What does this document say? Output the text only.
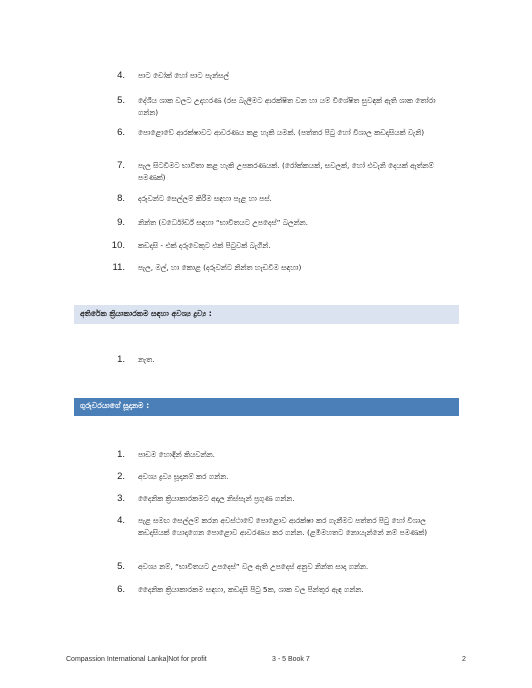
4. පාට චෝක් හෝ පාට පැන්සල්
5. දේශීය ශාක වලට උදාහරණ (රස බැලීමට ආරක්ෂිත වන හා යම් විශේෂිත සුවඳක් ඇති ශාක තෝරා ගන්න)
6. පොළොවේ ආරක්ෂාවට ආවරණය කළ හැකි යමක්. (පත්තර පිටු හෝ විශාල කඩදාසියක් වැනි)
7. පැල සිටවීමට භාවිතා කළ හැකි උපකරණයක්. (රෝක්කයක්, සවලක්, හෝ එවැනි දෙයක් ඇත්නම් පමණක්)
8. දරුවන්ට සෙල්ලම් කිරීම සඳහා පැළ හා පස්.
9. නින්ත (වර්ධෝර්ඩ් සඳහා “භාවිතයට උපදෙස්” බලන්න.
10. කඩදාසි - එක් දරුවෙකුට එක් පිටුවක් බැගින්.
11. පැල, මල්, හා කොළ (දරුවන්ට නින්ත හැඩවීම සඳහා)
අතිරේක ක්‍රියාකාරකම සඳහා අවශ්‍ය ද්‍රව්‍ය :
1. නැත.
ගුරුවරයාගේ සූදානම :
1. පාඩම හොඳින් කියවන්න.
2. අවශ්‍ය ද්‍රව්‍ය සූදානම් කර ගන්න.
3. දෛනික ක්‍රියාකාරකමට අදාල නිස්සැන් ප්‍රගුණ ගන්න.
4. පැළ සමඟ සෙල්ලම් කරන අවස්ථාවේ පොළොව ආරක්ෂා කර ගැනීමට පත්තර පිටු හෝ විශාල කඩදාසියක් යොදාගෙන පොළොව ආවරණය කර ගන්න. (ළමිමහතට නොයැන්නේ නම් පමණක්)
5. අවශ්‍ය නම්, “භාවිතයට උපදෙස්” වල ඇති උපදෙස් අනුව නින්ත සාදා ගන්න.
6. දෛනික ක්‍රියාකාරකම සඳහා, කඩදාසි පිටු 5ක, ශාක වල පින්තූර ඇඳ ගන්න.
Compassion International Lanka|Not for profit	3 - 5 Book 7	2
